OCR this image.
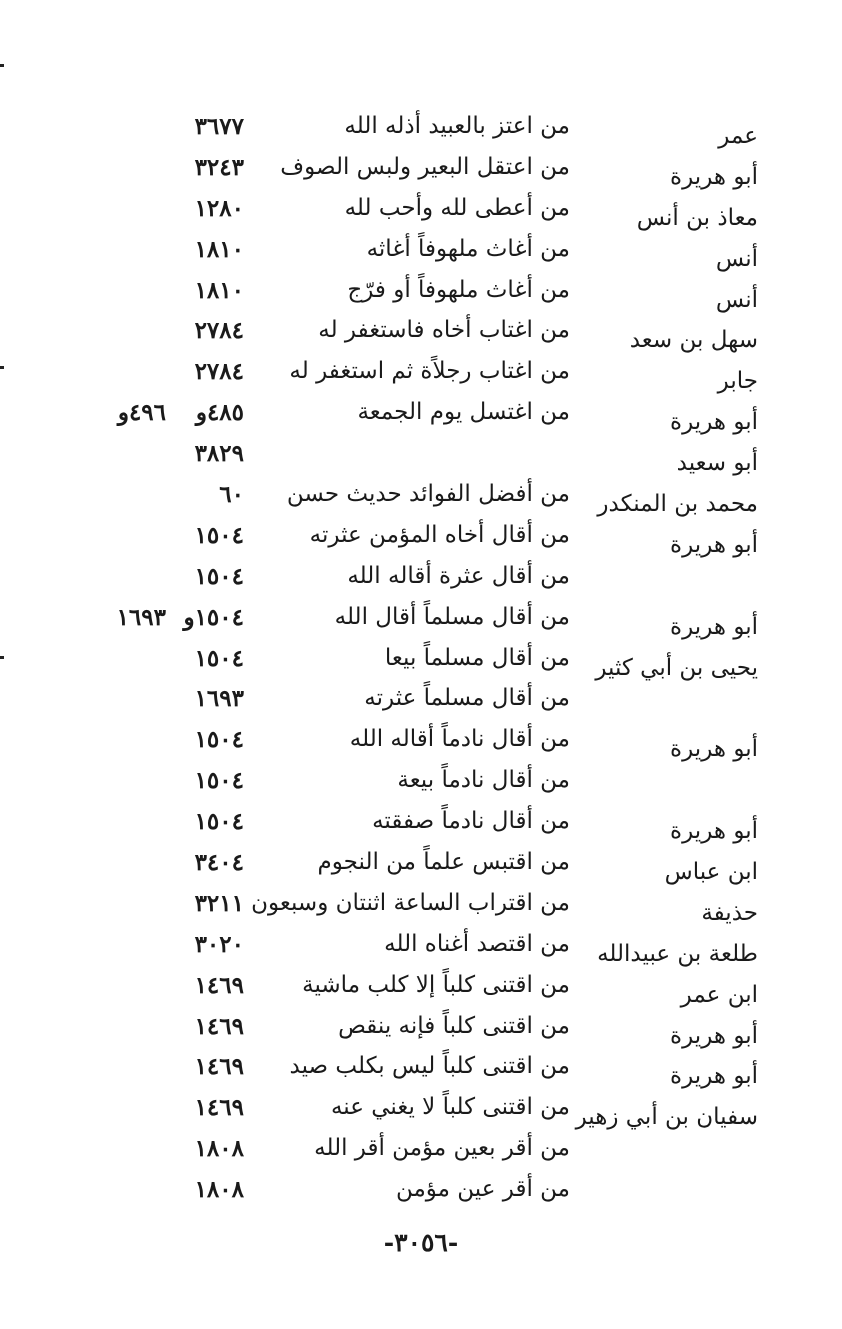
عمر
من اعتز بالعبيد أذله الله
٣٦٧٧
أبو هريرة
من اعتقل البعير ولبس الصوف
٣٢٤٣
معاذ بن أنس
من أعطى لله وأحب لله
١٢٨٠
أنس
من أغاث ملهوفاً أغاثه
١٨١٠
أنس
من أغاث ملهوفاً أو فرّج
١٨١٠
سهل بن سعد
من اغتاب أخاه فاستغفر له
٢٧٨٤
جابر
من اغتاب رجلاًة ثم استغفر له
٢٧٨٤
أبو هريرة
من اغتسل يوم الجمعة
٤٨٥و
٤٩٦و
أبو سعيد
٣٨٢٩
محمد بن المنكدر
من أفضل الفوائد حديث حسن
٦٠
أبو هريرة
من أقال أخاه المؤمن عثرته
١٥٠٤
من أقال عثرة أقاله الله
١٥٠٤
أبو هريرة
من أقال مسلماً أقال الله
١٥٠٤و
١٦٩٣
يحيى بن أبي كثير
من أقال مسلماً بيعا
١٥٠٤
من أقال مسلماً عثرته
١٦٩٣
أبو هريرة
من أقال نادماً أقاله الله
١٥٠٤
من أقال نادماً بيعة
١٥٠٤
أبو هريرة
من أقال نادماً صفقته
١٥٠٤
ابن عباس
من اقتبس علماً من النجوم
٣٤٠٤
حذيفة
من اقتراب الساعة اثنتان وسبعون
٣٢١١
طلعة بن عبيدالله
من اقتصد أغناه الله
٣٠٢٠
ابن عمر
من اقتنى كلباً إلا كلب ماشية
١٤٦٩
أبو هريرة
من اقتنى كلباً فإنه ينقص
١٤٦٩
أبو هريرة
من اقتنى كلباً ليس بكلب صيد
١٤٦٩
سفيان بن أبي زهير
من اقتنى كلباً لا يغني عنه
١٤٦٩
من أقر بعين مؤمن أقر الله
١٨٠٨
من أقر عين مؤمن
١٨٠٨
-٣٠٥٦-
